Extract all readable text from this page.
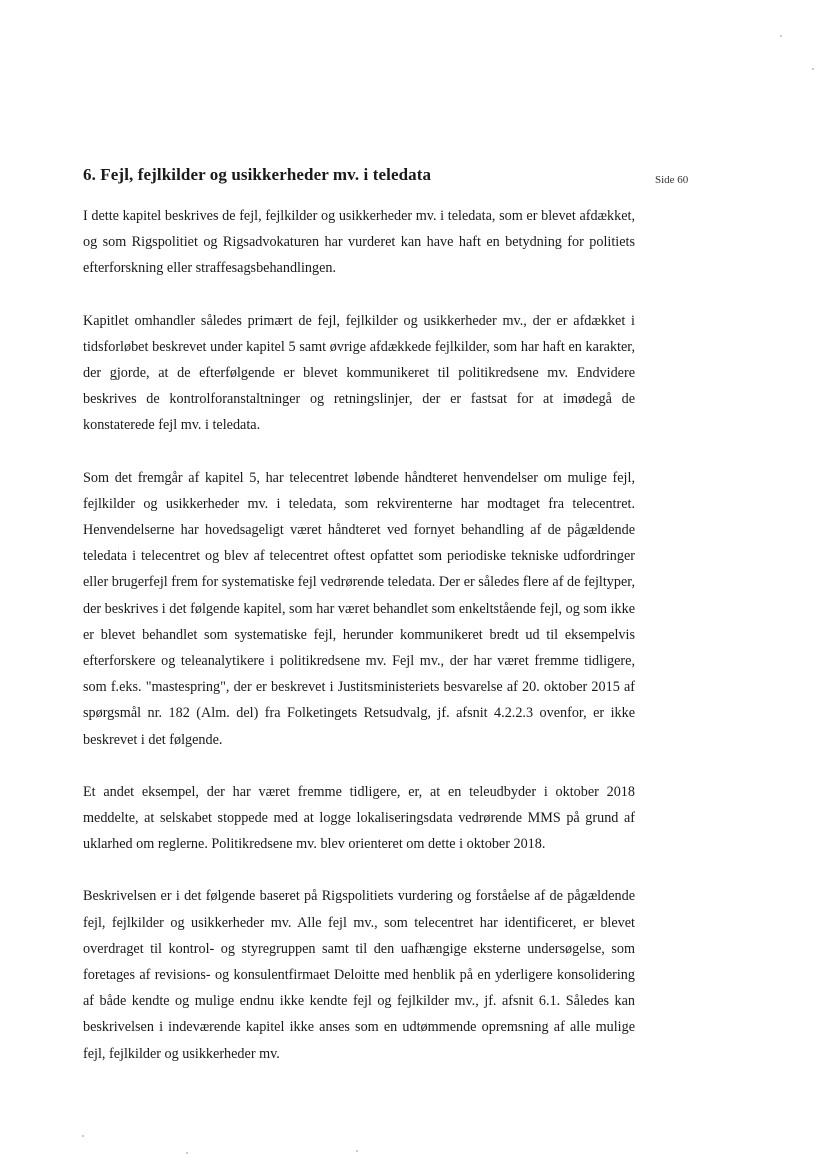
Side 60
6. Fejl, fejlkilder og usikkerheder mv. i teledata

I dette kapitel beskrives de fejl, fejlkilder og usikkerheder mv. i teledata, som er blevet afdækket, og som Rigspolitiet og Rigsadvokaturen har vurderet kan have haft en betydning for politiets efterforskning eller straffesagsbehandlingen.

Kapitlet omhandler således primært de fejl, fejlkilder og usikkerheder mv., der er afdækket i tidsforløbet beskrevet under kapitel 5 samt øvrige afdækkede fejlkilder, som har haft en karakter, der gjorde, at de efterfølgende er blevet kommunikeret til politikredsene mv. Endvidere beskrives de kontrolforanstaltninger og retningslinjer, der er fastsat for at imødegå de konstaterede fejl mv. i teledata.

Som det fremgår af kapitel 5, har telecentret løbende håndteret henvendelser om mulige fejl, fejlkilder og usikkerheder mv. i teledata, som rekvirenterne har modtaget fra telecentret. Henvendelserne har hovedsageligt været håndteret ved fornyet behandling af de pågældende teledata i telecentret og blev af telecentret oftest opfattet som periodiske tekniske udfordringer eller brugerfejl frem for systematiske fejl vedrørende teledata. Der er således flere af de fejltyper, der beskrives i det følgende kapitel, som har været behandlet som enkeltstående fejl, og som ikke er blevet behandlet som systematiske fejl, herunder kommunikeret bredt ud til eksempelvis efterforskere og teleanalytikere i politikredsene mv. Fejl mv., der har været fremme tidligere, som f.eks. "mastespring", der er beskrevet i Justitsministeriets besvarelse af 20. oktober 2015 af spørgsmål nr. 182 (Alm. del) fra Folketingets Retsudvalg, jf. afsnit 4.2.2.3 ovenfor, er ikke beskrevet i det følgende.

Et andet eksempel, der har været fremme tidligere, er, at en teleudbyder i oktober 2018 meddelte, at selskabet stoppede med at logge lokaliseringsdata vedrørende MMS på grund af uklarhed om reglerne. Politikredsene mv. blev orienteret om dette i oktober 2018.

Beskrivelsen er i det følgende baseret på Rigspolitiets vurdering og forståelse af de pågældende fejl, fejlkilder og usikkerheder mv. Alle fejl mv., som telecentret har identificeret, er blevet overdraget til kontrol- og styregruppen samt til den uafhængige eksterne undersøgelse, som foretages af revisions- og konsulentfirmaet Deloitte med henblik på en yderligere konsolidering af både kendte og mulige endnu ikke kendte fejl og fejlkilder mv., jf. afsnit 6.1. Således kan beskrivelsen i indeværende kapitel ikke anses som en udtømmende opremsning af alle mulige fejl, fejlkilder og usikkerheder mv.
